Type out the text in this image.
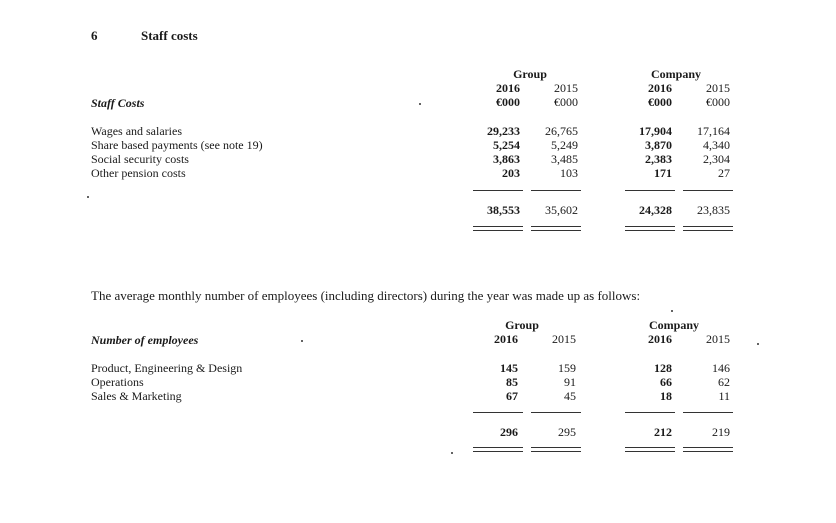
6	Staff costs
Group	Company
2016	2015	2016	2015
Staff Costs	€000	€000	€000	€000
Wages and salaries	29,233	26,765	17,904	17,164
Share based payments (see note 19)	5,254	5,249	3,870	4,340
Social security costs	3,863	3,485	2,383	2,304
Other pension costs	203	103	171	27
38,553	35,602	24,328	23,835
The average monthly number of employees (including directors) during the year was made up as follows:
Group	Company
Number of employees	2016	2015	2016	2015
Product, Engineering & Design	145	159	128	146
Operations	85	91	66	62
Sales & Marketing	67	45	18	11
296	295	212	219
